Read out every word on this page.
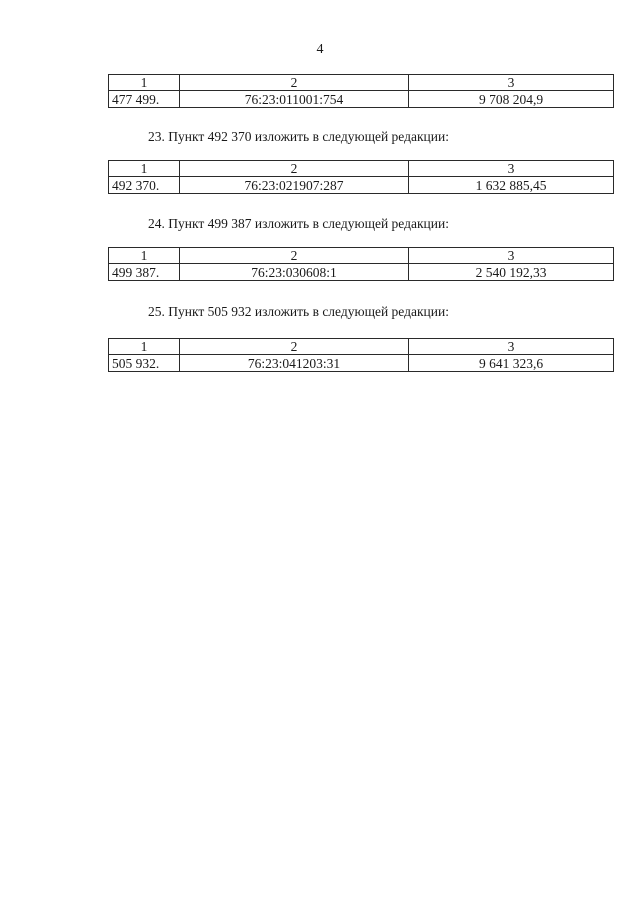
4
1	2	3
477 499.	76:23:011001:754	9 708 204,9
23. Пункт 492 370 изложить в следующей редакции:
1	2	3
492 370.	76:23:021907:287	1 632 885,45
24. Пункт 499 387 изложить в следующей редакции:
1	2	3
499 387.	76:23:030608:1	2 540 192,33
25. Пункт 505 932 изложить в следующей редакции:
1	2	3
505 932.	76:23:041203:31	9 641 323,6
